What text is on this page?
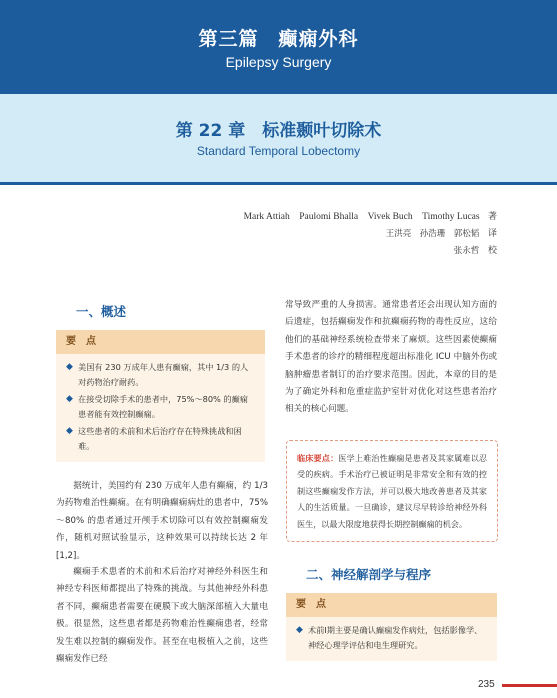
第三篇　癫痫外科
Epilepsy Surgery
第 22 章　标准颞叶切除术
Standard Temporal Lobectomy
Mark Attiah　Paulomi Bhalla　Vivek Buch　Timothy Lucas 著
王洪亮　孙浩珊　郭松韬 译
张永哲 校
一、概述
要　点
◆ 美国有 230 万成年人患有癫痫，其中 1/3 的人对药物治疗耐药。
◆ 在接受切除手术的患者中，75%～80% 的癫痫患者能有效控制癫痫。
◆ 这些患者的术前和术后治疗存在特殊挑战和困难。
据统计，美国约有 230 万成年人患有癫痫，约 1/3 为药物难治性癫痫。在有明确癫痫病灶的患者中，75%～80% 的患者通过开颅手术切除可以有效控制癫痫发作，随机对照试验显示，这种效果可以持续长达 2 年 [1,2]。
癫痫手术患者的术前和术后治疗对神经外科医生和神经专科医师都提出了特殊的挑战。与其他神经外科患者不同，癫痫患者需要在硬膜下或大脑深部植入大量电极。很显然，这些患者都是药物难治性癫痫患者，经常发生难以控制的癫痫发作。甚至在电极植入之前，这些癫痫发作已经
常导致严重的人身损害。通常患者还会出现认知方面的后遗症，包括癫痫发作和抗癫痫药物的毒性反应，这给他们的基础神经系统检查带来了麻烦。这些因素使癫痫手术患者的诊疗的精细程度超出标准化 ICU 中脑外伤或脑肿瘤患者制订的治疗要求范围。因此，本章的目的是为了确定外科和危重症监护室针对优化对这些患者治疗相关的核心问题。
临床要点：医学上难治性癫痫是患者及其家属难以忍受的疾病。手术治疗已被证明是非常安全和有效的控制这些癫痫发作方法，并可以极大地改善患者及其家人的生活质量。一旦确诊，建议尽早转诊给神经外科医生，以最大限度地获得长期控制癫痫的机会。
二、神经解剖学与程序
要　点
◆ 术前Ⅰ期主要是确认癫痫发作病灶，包括影像学、神经心理学评估和电生理研究。
235
